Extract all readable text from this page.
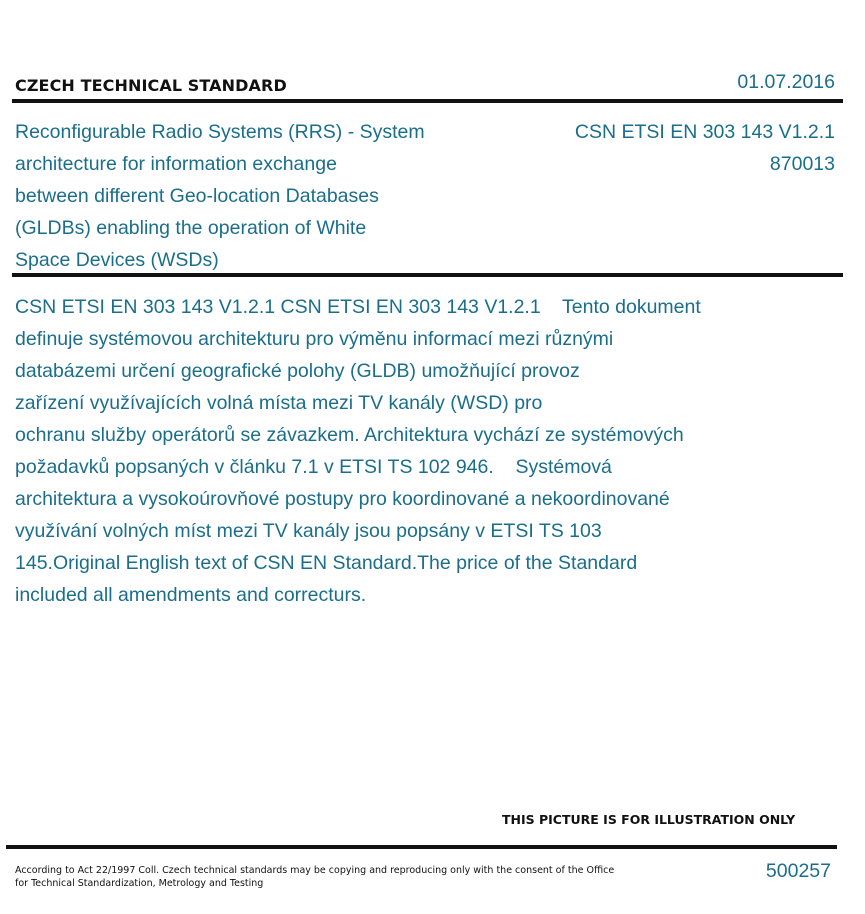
CZECH TECHNICAL STANDARD	01.07.2016
Reconfigurable Radio Systems (RRS) - System
architecture for information exchange
between different Geo-location Databases
(GLDBs) enabling the operation of White
Space Devices (WSDs)
CSN ETSI EN 303 143 V1.2.1
870013
CSN ETSI EN 303 143 V1.2.1 CSN ETSI EN 303 143 V1.2.1    Tento dokument
definuje systémovou architekturu pro výměnu informací mezi různými
databázemi určení geografické polohy (GLDB) umožňující provoz
zařízení využívajících volná místa mezi TV kanály (WSD) pro
ochranu služby operátorů se závazkem. Architektura vychází ze systémových
požadavků popsaných v článku 7.1 v ETSI TS 102 946.    Systémová
architektura a vysokoúrovňové postupy pro koordinované a nekoordinované
využívání volných míst mezi TV kanály jsou popsány v ETSI TS 103
145.Original English text of CSN EN Standard.The price of the Standard
included all amendments and correcturs.
THIS PICTURE IS FOR ILLUSTRATION ONLY
According to Act 22/1997 Coll. Czech technical standards may be copying and reproducing only with the consent of the Office
for Technical Standardization, Metrology and Testing
500257
